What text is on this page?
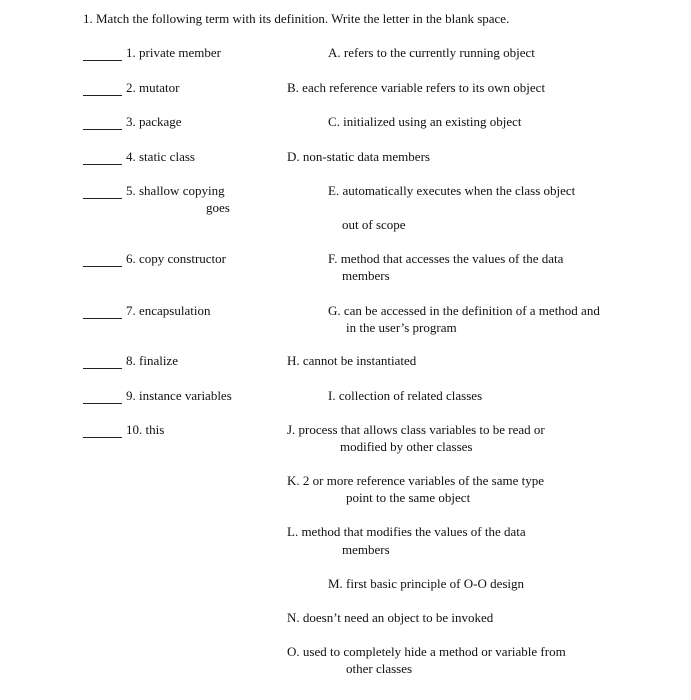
1. Match the following term with its definition. Write the letter in the blank space.
1. private member
2. mutator
3. package
4. static class
5. shallow copying
goes
6. copy constructor
7. encapsulation
8. finalize
9. instance variables
10. this
A. refers to the currently running object
B. each reference variable refers to its own object
C. initialized using an existing object
D. non-static data members
E. automatically executes when the class object
out of scope
F. method that accesses the values of the data
members
G. can be accessed in the definition of a method and
in the user’s program
H. cannot be instantiated
I. collection of related classes
J. process that allows class variables to be read or
modified by other classes
K. 2 or more reference variables of the same type
point to the same object
L. method that modifies the values of the data
members
M. first basic principle of O-O design
N. doesn’t need an object to be invoked
O. used to completely hide a method or variable from
other classes
